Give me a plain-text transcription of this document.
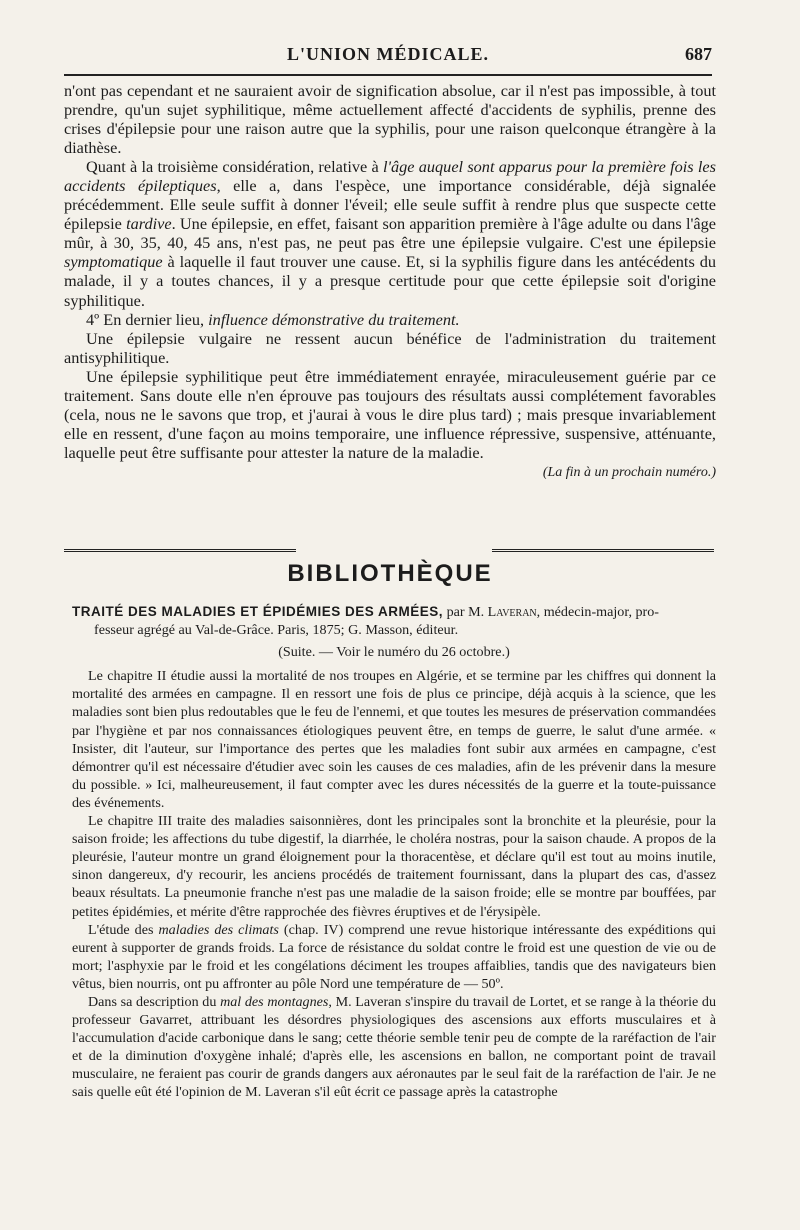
L'UNION MÉDICALE.	687

n'ont pas cependant et ne sauraient avoir de signification absolue, car il n'est pas impossible, à tout prendre, qu'un sujet syphilitique, même actuellement affecté d'accidents de syphilis, prenne des crises d'épilepsie pour une raison autre que la syphilis, pour une raison quelconque étrangère à la diathèse.

Quant à la troisième considération, relative à l'âge auquel sont apparus pour la première fois les accidents épileptiques, elle a, dans l'espèce, une importance considérable, déjà signalée précédemment. Elle seule suffit à donner l'éveil; elle seule suffit à rendre plus que suspecte cette épilepsie tardive. Une épilepsie, en effet, faisant son apparition première à l'âge adulte ou dans l'âge mûr, à 30, 35, 40, 45 ans, n'est pas, ne peut pas être une épilepsie vulgaire. C'est une épilepsie symptomatique à laquelle il faut trouver une cause. Et, si la syphilis figure dans les antécédents du malade, il y a toutes chances, il y a presque certitude pour que cette épilepsie soit d'origine syphilitique.

4º En dernier lieu, influence démonstrative du traitement.

Une épilepsie vulgaire ne ressent aucun bénéfice de l'administration du traitement antisyphilitique.

Une épilepsie syphilitique peut être immédiatement enrayée, miraculeusement guérie par ce traitement. Sans doute elle n'en éprouve pas toujours des résultats aussi complétement favorables (cela, nous ne le savons que trop, et j'aurai à vous le dire plus tard) ; mais presque invariablement elle en ressent, d'une façon au moins temporaire, une influence répressive, suspensive, atténuante, laquelle peut être suffisante pour attester la nature de la maladie.

(La fin à un prochain numéro.)

BIBLIOTHÈQUE

TRAITÉ DES MALADIES ET ÉPIDÉMIES DES ARMÉES, par M. Laveran, médecin-major, pro-

fesseur agrégé au Val-de-Grâce. Paris, 1875; G. Masson, éditeur.

(Suite. — Voir le numéro du 26 octobre.)

Le chapitre II étudie aussi la mortalité de nos troupes en Algérie, et se termine par les chiffres qui donnent la mortalité des armées en campagne. Il en ressort une fois de plus ce principe, déjà acquis à la science, que les maladies sont bien plus redoutables que le feu de l'ennemi, et que toutes les mesures de préservation commandées par l'hygiène et par nos connaissances étiologiques peuvent être, en temps de guerre, le salut d'une armée. « Insister, dit l'auteur, sur l'importance des pertes que les maladies font subir aux armées en campagne, c'est démontrer qu'il est nécessaire d'étudier avec soin les causes de ces maladies, afin de les prévenir dans la mesure du possible. » Ici, malheureusement, il faut compter avec les dures nécessités de la guerre et la toute-puissance des événements.

Le chapitre III traite des maladies saisonnières, dont les principales sont la bronchite et la pleurésie, pour la saison froide; les affections du tube digestif, la diarrhée, le choléra nostras, pour la saison chaude. A propos de la pleurésie, l'auteur montre un grand éloignement pour la thoracentèse, et déclare qu'il est tout au moins inutile, sinon dangereux, d'y recourir, les anciens procédés de traitement fournissant, dans la plupart des cas, d'assez beaux résultats. La pneumonie franche n'est pas une maladie de la saison froide; elle se montre par bouffées, par petites épidémies, et mérite d'être rapprochée des fièvres éruptives et de l'érysipèle.

L'étude des maladies des climats (chap. IV) comprend une revue historique intéressante des expéditions qui eurent à supporter de grands froids. La force de résistance du soldat contre le froid est une question de vie ou de mort; l'asphyxie par le froid et les congélations déciment les troupes affaiblies, tandis que des navigateurs bien vêtus, bien nourris, ont pu affronter au pôle Nord une température de — 50º.

Dans sa description du mal des montagnes, M. Laveran s'inspire du travail de Lortet, et se range à la théorie du professeur Gavarret, attribuant les désordres physiologiques des ascensions aux efforts musculaires et à l'accumulation d'acide carbonique dans le sang; cette théorie semble tenir peu de compte de la raréfaction de l'air et de la diminution d'oxygène inhalé; d'après elle, les ascensions en ballon, ne comportant point de travail musculaire, ne feraient pas courir de grands dangers aux aéronautes par le seul fait de la raréfaction de l'air. Je ne sais quelle eût été l'opinion de M. Laveran s'il eût écrit ce passage après la catastrophe
